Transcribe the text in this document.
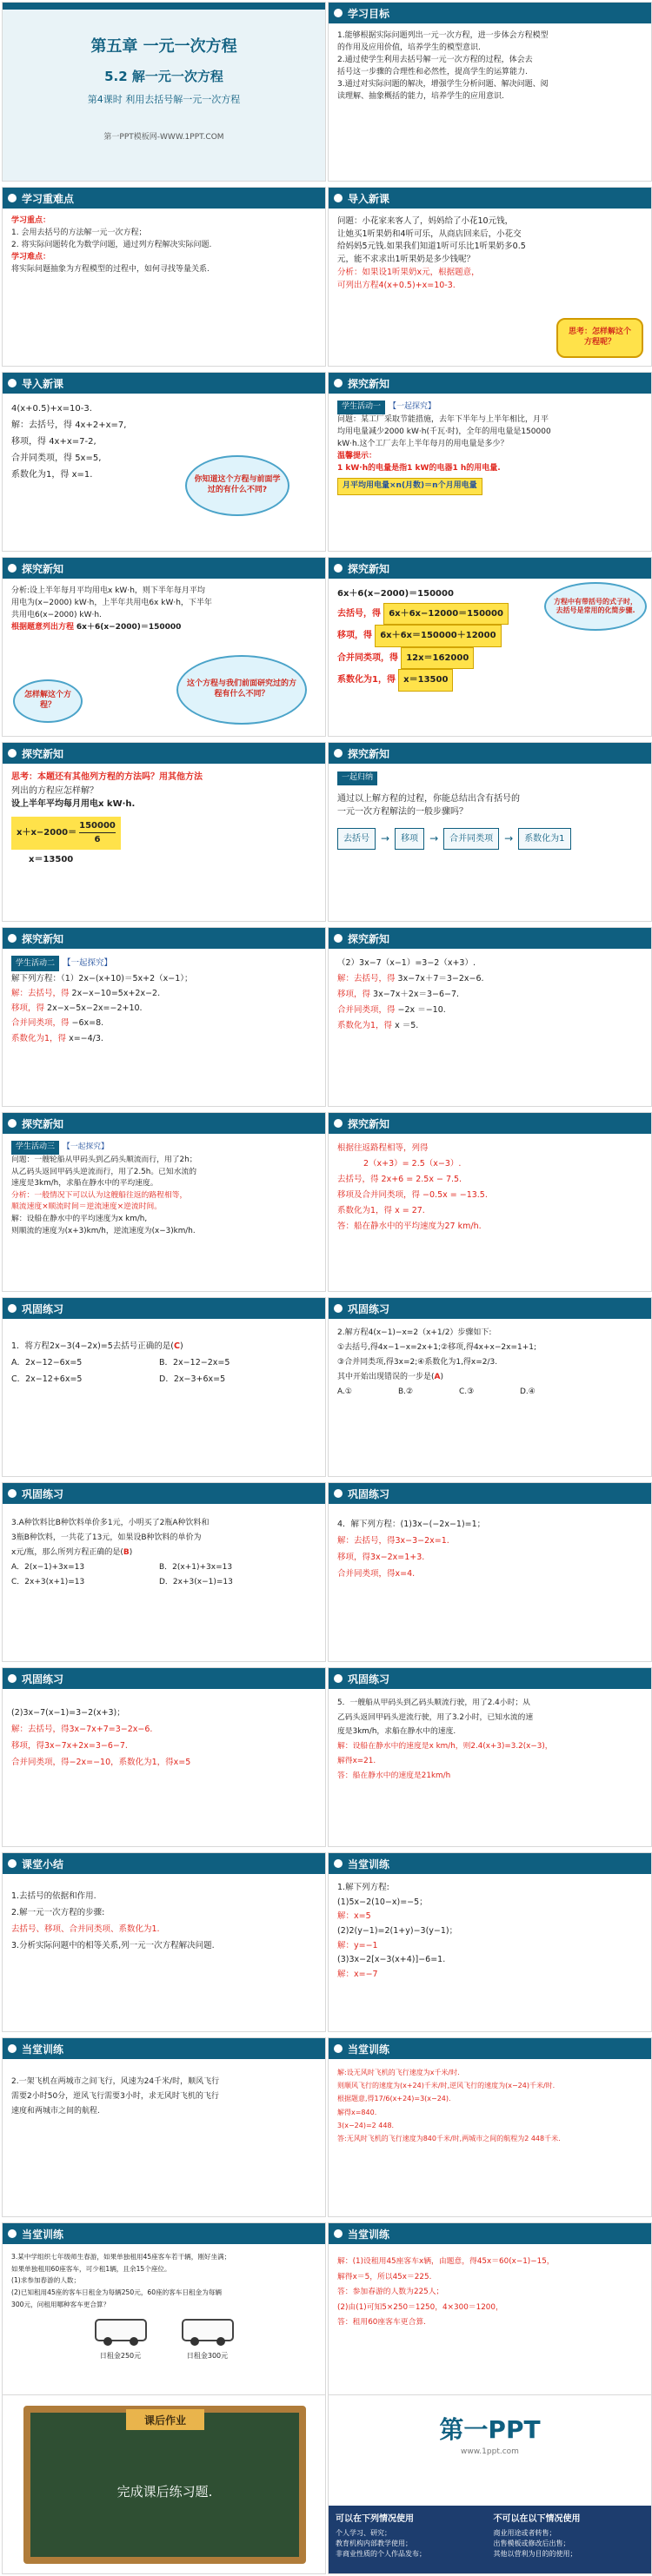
第五章 一元一次方程
5.2 解一元一次方程
第4课时 利用去括号解一元一次方程
第一PPT模板网-WWW.1PPT.COM
学习目标
1.能够根据实际问题列出一元一次方程，进一步体会方程模型
的作用及应用价值，培养学生的模型意识.
2.通过使学生利用去括号解一元一次方程的过程，体会去
括号这一步骤的合理性和必然性，提高学生的运算能力.
3.通过对实际问题的解决，增强学生分析问题、解决问题、阅
读理解、抽象概括的能力，培养学生的应用意识.
学习重难点
学习重点：
1. 会用去括号的方法解一元一次方程；
2. 将实际问题转化为数学问题，通过列方程解决实际问题.
学习难点：
将实际问题抽象为方程模型的过程中，如何寻找等量关系.
导入新课
问题：小花家来客人了，妈妈给了小花10元钱，
让她买1听果奶和4听可乐，从商店回来后，小花交
给妈妈5元钱.如果我们知道1听可乐比1听果奶多0.5
元，能不求求出1听果奶是多少钱呢？
分析：如果设1听果奶x元，根据题意，
可列出方程4(x+0.5)+x=10-3.
思考：怎样解这个方程呢？
导入新课
4(x+0.5)+x=10-3.
解：去括号，得 4x+2+x=7,
移项，得 4x+x=7-2,
合并同类项，得 5x=5,
系数化为1，得 x=1.
你知道这个方程与前面学过的有什么不同?
探究新知
学生活动一 【一起探究】
问题：某工厂采取节能措施，去年下半年与上半年相比，月平
均用电量减少2000 kW·h(千瓦·时)，全年的用电量是150000
kW·h.这个工厂去年上半年每月的用电量是多少？
温馨提示：
1 kW·h的电量是指1 kW的电器1 h的用电量.
月平均用电量×n(月数)＝n个月用电量
探究新知
分析:设上半年每月平均用电x kW·h，则下半年每月平均
用电为(x−2000) kW·h，上半年共用电6x kW·h，下半年
共用电6(x−2000) kW·h.
根据题意列出方程 6x＋6(x−2000)＝150000
怎样解这个方程？
这个方程与我们前面研究过的方程有什么不同？
探究新知
6x＋6(x−2000)＝150000
去括号，得 6x＋6x−12000＝150000
移项，得 6x＋6x＝150000＋12000
合并同类项，得 12x＝162000
系数化为1，得 x＝13500
方程中有带括号的式子时，去括号是常用的化简步骤.
探究新知
思考：本题还有其他列方程的方法吗？用其他方法
列出的方程应怎样解？
设上半年平均每月用电x kW·h.
$x+x-2000= \frac{150000}{6}$
x＝13500
探究新知
一起归纳
通过以上解方程的过程，你能总结出含有括号的
一元一次方程解法的一般步骤吗？
去括号	→	移项	→	合并同类项	→	系数化为1
探究新知
学生活动二 【一起探究】
解下列方程：（1）2x−(x+10)＝5x+2（x−1）；
解：去括号，得 2x−x−10=5x+2x−2.
移项，得 2x−x−5x−2x=−2+10.
合并同类项，得 −6x=8.
系数化为1，得 x=−4/3.
探究新知
（2）3x−7（x−1）=3−2（x+3）.
解：去括号，得 3x−7x＋7＝3−2x−6.
移项，得 3x−7x＋2x＝3−6−7.
合并同类项，得 −2x ＝−10.
系数化为1，得 x ＝5.
探究新知
学生活动三 【一起探究】
问题：一艘轮船从甲码头到乙码头顺流而行，用了2h；
从乙码头返回甲码头逆流而行，用了2.5h。已知水流的
速度是3km/h，求船在静水中的平均速度。
分析：一般情况下可以认为这艘船往返的路程相等，
顺流速度×顺流时间＝逆流速度×逆流时间。
解：设船在静水中的平均速度为x km/h,
则顺流的速度为(x+3)km/h，逆流速度为(x−3)km/h.
探究新知
根据往返路程相等，列得
2（x+3）= 2.5（x−3）.
去括号，得 2x+6 = 2.5x − 7.5.
移项及合并同类项，得 −0.5x = −13.5.
系数化为1，得 x = 27.
答：船在静水中的平均速度为27 km/h.
巩固练习
1．将方程2x−3(4−2x)=5去括号正确的是(C)
A．2x−12−6x=5	B．2x−12−2x=5
C．2x−12+6x=5	D．2x−3+6x=5
巩固练习
2.解方程4(x−1)−x=2（x+1/2）步骤如下:
①去括号,得4x−1−x=2x+1;②移项,得4x+x−2x=1+1;
③合并同类项,得3x=2;④系数化为1,得x=2/3.
其中开始出现错误的一步是(A)
A.①	B.②	C.③	D.④
巩固练习
3.A种饮料比B种饮料单价多1元，小明买了2瓶A种饮料和
3瓶B种饮料，一共花了13元，如果设B种饮料的单价为
x元/瓶，那么所列方程正确的是(B)
A．2(x−1)+3x=13	B．2(x+1)+3x=13
C．2x+3(x+1)=13	D．2x+3(x−1)=13
巩固练习
4．解下列方程：(1)3x−(−2x−1)=1；
解：去括号，得3x−3−2x=1.
移项，得3x−2x=1+3.
合并同类项，得x=4.
巩固练习
(2)3x−7(x−1)=3−2(x+3)；
解：去括号，得3x−7x+7=3−2x−6.
移项，得3x−7x+2x=3−6−7.
合并同类项，得−2x=−10，系数化为1，得x=5
巩固练习
5．一艘船从甲码头到乙码头顺流行驶，用了2.4小时；从
乙码头返回甲码头逆流行驶，用了3.2小时，已知水流的速
度是3km/h，求船在静水中的速度.
解：设船在静水中的速度是x km/h，则2.4(x+3)=3.2(x−3)，
解得x=21.
答：船在静水中的速度是21km/h
课堂小结
1.去括号的依据和作用.
2.解一元一次方程的步骤:
去括号、移项、合并同类项、系数化为1.
3.分析实际问题中的相等关系,列一元一次方程解决问题.
当堂训练
1.解下列方程:
(1)5x−2(10−x)=−5；
解：x=5
(2)2(y−1)=2(1+y)−3(y−1)；
解：y=−1
(3)3x−2[x−3(x+4)]−6=1.
解：x=−7
当堂训练
2.一架飞机在两城市之间飞行，风速为24千米/时，顺风飞行
需要2小时50分，逆风飞行需要3小时，求无风时飞机的飞行
速度和两城市之间的航程.
当堂训练
解:设无风时飞机的飞行速度为x千米/时.
则顺风飞行的速度为(x+24)千米/时,逆风飞行的速度为(x−24)千米/时.
根据题意,得17/6(x+24)=3(x−24).
解得x=840.
3(x−24)=2 448.
答:无风时飞机的飞行速度为840千米/时,两城市之间的航程为2 448千米.
当堂训练
3.某中学组织七年级师生春游，如果单独租用45座客车若干辆，刚好坐满；
如果单独租用60座客车，可少租1辆，且余15个座位。
(1)求参加春游的人数；
(2)已知租用45座的客车日租金为每辆250元，60座的客车日租金为每辆
300元，问租用哪种客车更合算？
日租金250元	日租金300元
当堂训练
解：(1)设租用45座客车x辆，由题意，得45x＝60(x−1)−15，
解得x＝5，所以45x＝225.
答：参加春游的人数为225人；
(2)由(1)可知5×250＝1250，4×300＝1200，
答：租用60座客车更合算.
课后作业
完成课后练习题.
第一PPT
www.1ppt.com
可以在下列情况使用
个人学习、研究；
教育机构内部教学使用；
非商业性质的个人作品发布；
不可以在以下情况使用
商业用途或者转售；
出售模板或修改后出售；
其他以营利为目的的使用；
